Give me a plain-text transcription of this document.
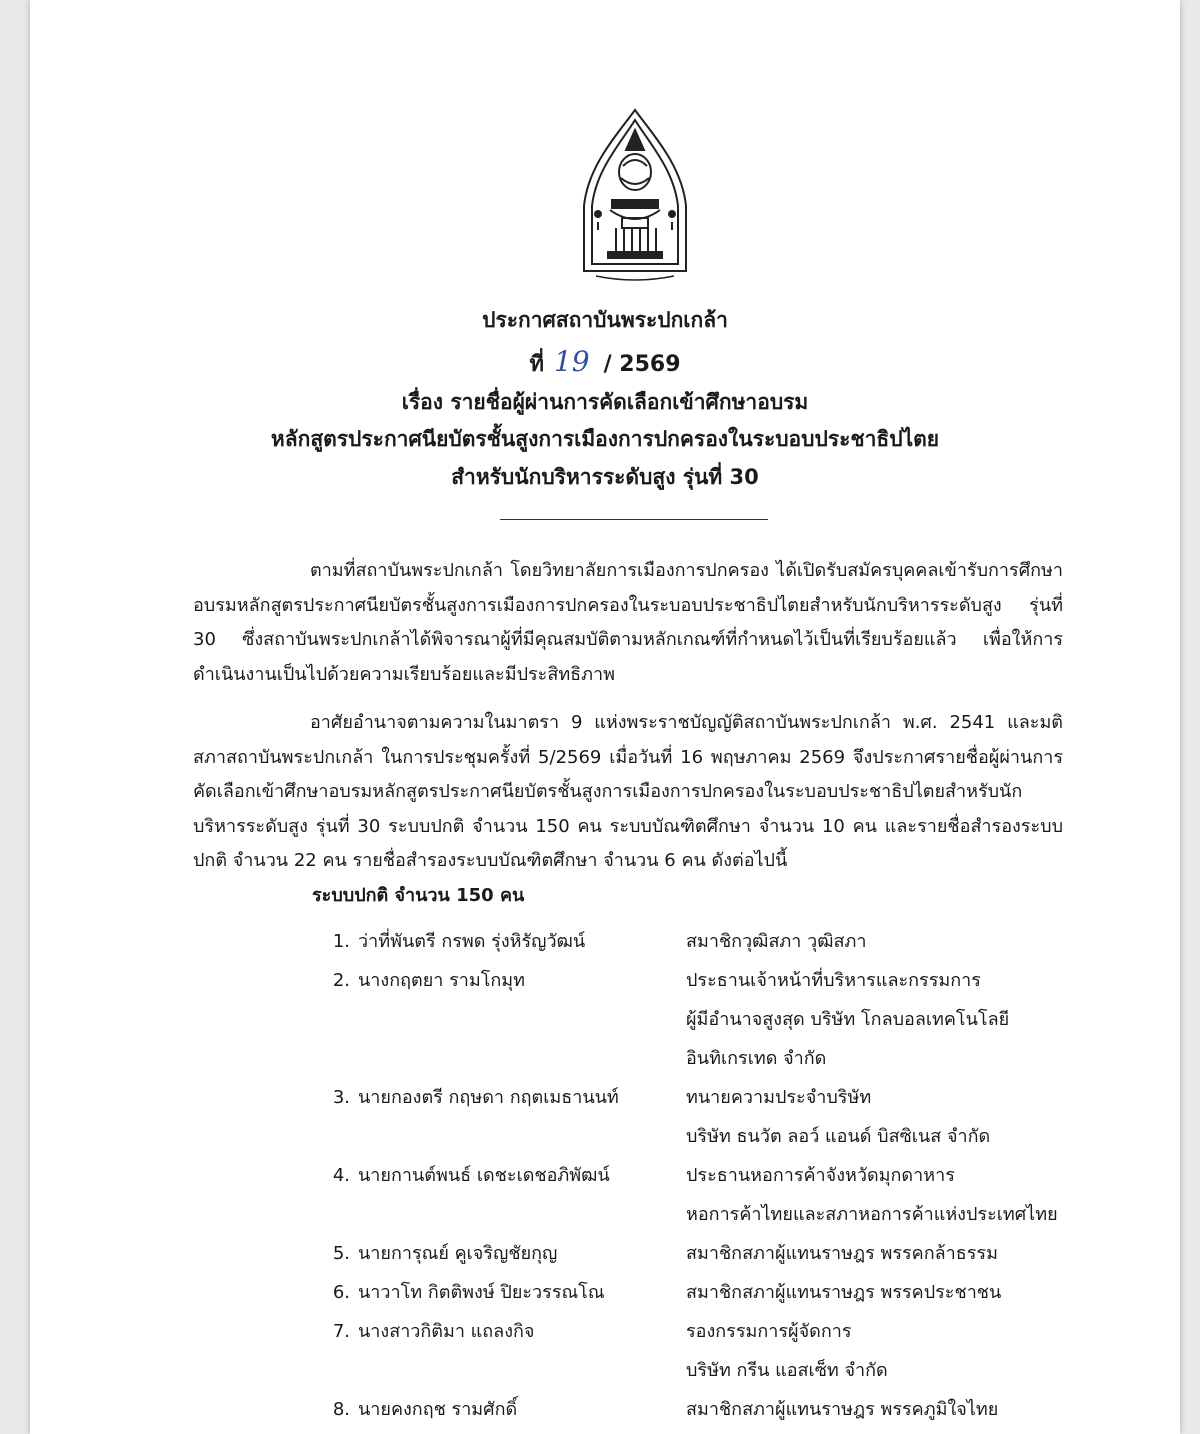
ประกาศสถาบันพระปกเกล้า
ที่ 19 / 2569
เรื่อง รายชื่อผู้ผ่านการคัดเลือกเข้าศึกษาอบรม
หลักสูตรประกาศนียบัตรชั้นสูงการเมืองการปกครองในระบอบประชาธิปไตย
สำหรับนักบริหารระดับสูง รุ่นที่ 30
ตามที่สถาบันพระปกเกล้า โดยวิทยาลัยการเมืองการปกครอง ได้เปิดรับสมัครบุคคลเข้ารับการศึกษาอบรมหลักสูตรประกาศนียบัตรชั้นสูงการเมืองการปกครองในระบอบประชาธิปไตยสำหรับนักบริหารระดับสูง รุ่นที่ 30 ซึ่งสถาบันพระปกเกล้าได้พิจารณาผู้ที่มีคุณสมบัติตามหลักเกณฑ์ที่กำหนดไว้เป็นที่เรียบร้อยแล้ว เพื่อให้การดำเนินงานเป็นไปด้วยความเรียบร้อยและมีประสิทธิภาพ
อาศัยอำนาจตามความในมาตรา 9 แห่งพระราชบัญญัติสถาบันพระปกเกล้า พ.ศ. 2541 และมติสภาสถาบันพระปกเกล้า ในการประชุมครั้งที่ 5/2569 เมื่อวันที่ 16 พฤษภาคม 2569 จึงประกาศรายชื่อผู้ผ่านการคัดเลือกเข้าศึกษาอบรมหลักสูตรประกาศนียบัตรชั้นสูงการเมืองการปกครองในระบอบประชาธิปไตยสำหรับนักบริหารระดับสูง รุ่นที่ 30 ระบบปกติ จำนวน 150 คน ระบบบัณฑิตศึกษา จำนวน 10 คน และรายชื่อสำรองระบบปกติ จำนวน 22 คน รายชื่อสำรองระบบบัณฑิตศึกษา จำนวน 6 คน ดังต่อไปนี้
ระบบปกติ จำนวน 150 คน
1. ว่าที่พันตรี กรพด รุ่งหิรัญวัฒน์	สมาชิกวุฒิสภา วุฒิสภา
2. นางกฤตยา รามโกมุท	ประธานเจ้าหน้าที่บริหารและกรรมการ
ผู้มีอำนาจสูงสุด บริษัท โกลบอลเทคโนโลยี
อินทิเกรเทด จำกัด
3. นายกองตรี กฤษดา กฤตเมธานนท์	ทนายความประจำบริษัท
บริษัท ธนวัต ลอว์ แอนด์ บิสซิเนส จำกัด
4. นายกานต์พนธ์ เดชะเดชอภิพัฒน์	ประธานหอการค้าจังหวัดมุกดาหาร
หอการค้าไทยและสภาหอการค้าแห่งประเทศไทย
5. นายการุณย์ คูเจริญชัยกุญ	สมาชิกสภาผู้แทนราษฎร พรรคกล้าธรรม
6. นาวาโท กิตติพงษ์ ปิยะวรรณโณ	สมาชิกสภาผู้แทนราษฎร พรรคประชาชน
7. นางสาวกิติมา แถลงกิจ	รองกรรมการผู้จัดการ
บริษัท กรีน แอสเซ็ท จำกัด
8. นายคงกฤช รามศักดิ์	สมาชิกสภาผู้แทนราษฎร พรรคภูมิใจไทย
